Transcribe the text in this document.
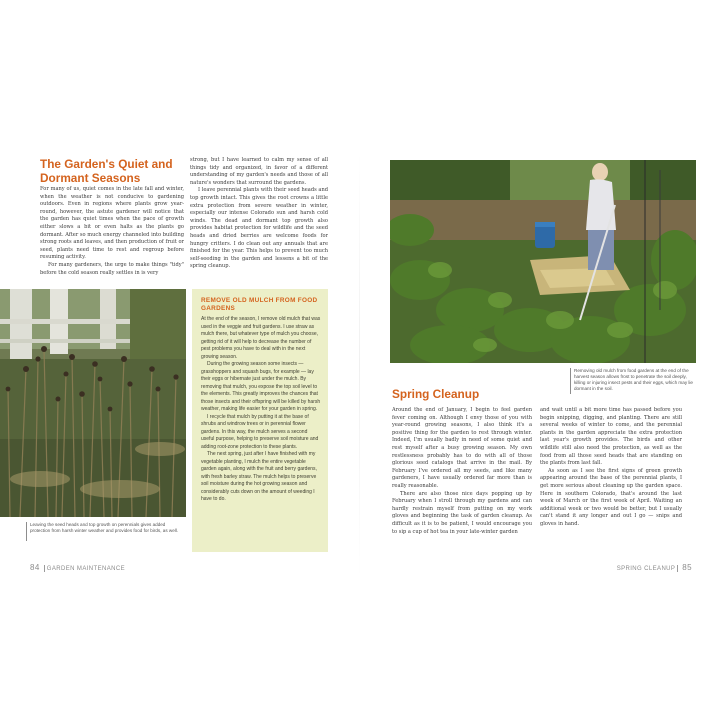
The Garden's Quiet and Dormant Seasons

For many of us, quiet comes in the late fall and winter, when the weather is not conducive to gardening outdoors. Even in regions where plants grow year-round, however, the astute gardener will notice that the garden has quiet times when the pace of growth either slows a bit or even halts as the plants go dormant. After so much energy channeled into building strong roots and leaves, and then production of fruit or seed, plants need time to rest and regroup before resuming activity.

For many gardeners, the urge to make things "tidy" before the cold season really settles in is very

strong, but I have learned to calm my sense of all things tidy and organized, in favor of a different understanding of my garden's needs and those of all nature's wonders that surround the gardens.

I leave perennial plants with their seed heads and top growth intact. This gives the root crowns a little extra protection from severe weather in winter, especially our intense Colorado sun and harsh cold winds. The dead and dormant top growth also provides habitat protection for wildlife and the seed heads and dried berries are welcome foods for hungry critters. I do clean out any annuals that are finished for the year. This helps to prevent too much self-seeding in the garden and lessens a bit of the spring cleanup.

Leaving the seed heads and top growth on perennials gives added protection from harsh winter weather and provides food for birds, as well.

REMOVE OLD MULCH FROM FOOD GARDENS

At the end of the season, I remove old mulch that was used in the veggie and fruit gardens. I use straw as mulch there, but whatever type of mulch you choose, getting rid of it will help to decrease the number of pest problems you have to deal with in the next growing season.

During the growing season some insects — grasshoppers and squash bugs, for example — lay their eggs or hibernate just under the mulch. By removing that mulch, you expose the top soil level to the elements. This greatly improves the chances that those insects and their offspring will be killed by harsh weather, making life easier for your garden in spring.

I recycle that mulch by putting it at the base of shrubs and windrow trees or in perennial flower gardens. In this way, the mulch serves a second useful purpose, helping to preserve soil moisture and adding root-zone protection to these plants.

The next spring, just after I have finished with my vegetable planting, I mulch the entire vegetable garden again, along with the fruit and berry gardens, with fresh barley straw. The mulch helps to preserve soil moisture during the hot growing season and considerably cuts down on the amount of weeding I have to do.

84 GARDEN MAINTENANCE

Removing old mulch from food gardens at the end of the harvest season allows frost to penetrate the soil deeply, killing or injuring insect pests and their eggs, which may lie dormant in the soil.

Spring Cleanup

Around the end of January, I begin to feel garden fever coming on. Although I envy those of you with year-round growing seasons, I also think it's a positive thing for the garden to rest through winter. Indeed, I'm usually badly in need of some quiet and rest myself after a busy growing season. My own restlessness probably has to do with all of those glorious seed catalogs that arrive in the mail. By February I've ordered all my seeds, and like many gardeners, I have usually ordered far more than is really reasonable.

There are also those nice days popping up by February when I stroll through my gardens and can hardly restrain myself from putting on my work gloves and beginning the task of garden cleanup. As difficult as it is to be patient, I would encourage you to sip a cup of hot tea in your late-winter garden

and wait until a bit more time has passed before you begin snipping, digging, and planting. There are still several weeks of winter to come, and the perennial plants in the garden appreciate the extra protection last year's growth provides. The birds and other wildlife still also need the protection, as well as the food from all those seed heads that are standing on the plants from last fall.

As soon as I see the first signs of green growth appearing around the base of the perennial plants, I get more serious about cleaning up the garden space. Here in southern Colorado, that's around the last week of March or the first week of April. Waiting an additional week or two would be better, but I usually can't stand it any longer and out I go — snips and gloves in hand.

SPRING CLEANUP 85
